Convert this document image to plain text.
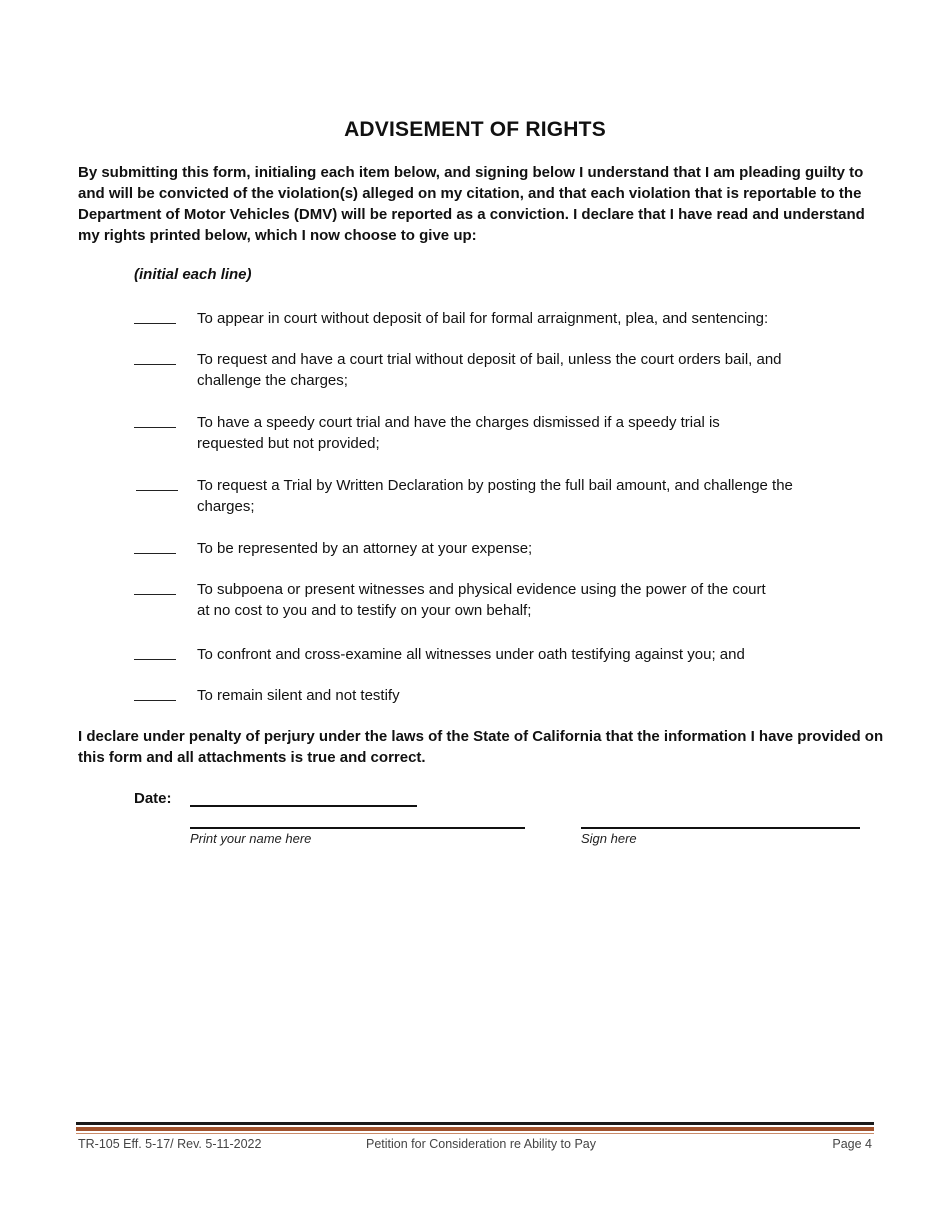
ADVISEMENT OF RIGHTS
By submitting this form, initialing each item below, and signing below I understand that I am pleading guilty to and will be convicted of the violation(s) alleged on my citation, and that each violation that is reportable to the Department of Motor Vehicles (DMV) will be reported as a conviction. I declare that I have read and understand my rights printed below, which I now choose to give up:
(initial each line)
To appear in court without deposit of bail for formal arraignment, plea, and sentencing:
To request and have a court trial without deposit of bail, unless the court orders bail, and challenge the charges;
To have a speedy court trial and have the charges dismissed if a speedy trial is requested but not provided;
To request a Trial by Written Declaration by posting the full bail amount, and challenge the charges;
To be represented by an attorney at your expense;
To subpoena or present witnesses and physical evidence using the power of the court at no cost to you and to testify on your own behalf;
To confront and cross-examine all witnesses under oath testifying against you; and
To remain silent and not testify
I declare under penalty of perjury under the laws of the State of California that the information I have provided on this form and all attachments is true and correct.
Date:
Print your name here	Sign here
TR-105 Eff. 5-17/ Rev. 5-11-2022	Petition for Consideration re Ability to Pay	Page 4
